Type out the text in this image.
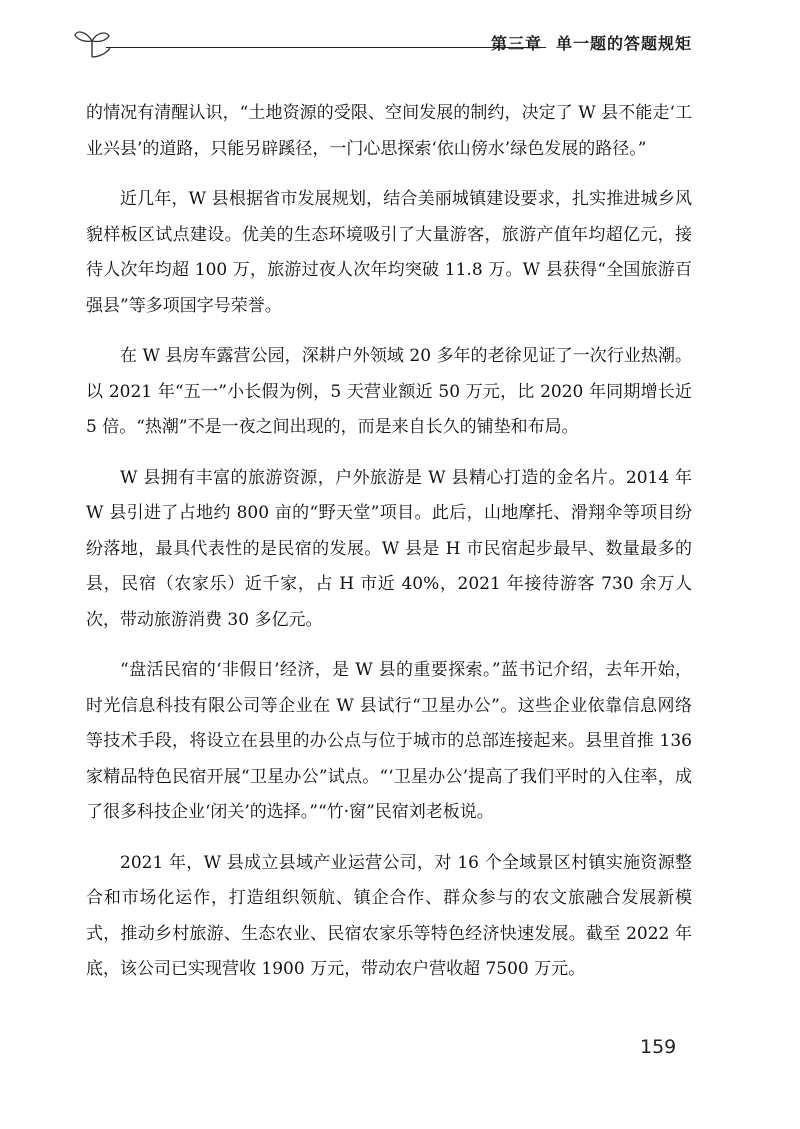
第三章 单一题的答题规矩

的情况有清醒认识，“土地资源的受限、空间发展的制约，决定了 W 县不能走‘工业兴县’的道路，只能另辟蹊径，一门心思探索‘依山傍水’绿色发展的路径。”

近几年，W 县根据省市发展规划，结合美丽城镇建设要求，扎实推进城乡风貌样板区试点建设。优美的生态环境吸引了大量游客，旅游产值年均超亿元，接待人次年均超 100 万，旅游过夜人次年均突破 11.8 万。W 县获得“全国旅游百强县”等多项国字号荣誉。

在 W 县房车露营公园，深耕户外领域 20 多年的老徐见证了一次行业热潮。以 2021 年“五一”小长假为例，5 天营业额近 50 万元，比 2020 年同期增长近 5 倍。“热潮”不是一夜之间出现的，而是来自长久的铺垫和布局。

W 县拥有丰富的旅游资源，户外旅游是 W 县精心打造的金名片。2014 年 W 县引进了占地约 800 亩的“野天堂”项目。此后，山地摩托、滑翔伞等项目纷纷落地，最具代表性的是民宿的发展。W 县是 H 市民宿起步最早、数量最多的县，民宿（农家乐）近千家，占 H 市近 40%，2021 年接待游客 730 余万人次，带动旅游消费 30 多亿元。

“盘活民宿的‘非假日’经济，是 W 县的重要探索。”蓝书记介绍，去年开始，时光信息科技有限公司等企业在 W 县试行“卫星办公”。这些企业依靠信息网络等技术手段，将设立在县里的办公点与位于城市的总部连接起来。县里首推 136 家精品特色民宿开展“卫星办公”试点。“‘卫星办公’提高了我们平时的入住率，成了很多科技企业‘闭关’的选择。”“竹·窗”民宿刘老板说。

2021 年，W 县成立县域产业运营公司，对 16 个全域景区村镇实施资源整合和市场化运作，打造组织领航、镇企合作、群众参与的农文旅融合发展新模式，推动乡村旅游、生态农业、民宿农家乐等特色经济快速发展。截至 2022 年底，该公司已实现营收 1900 万元，带动农户营收超 7500 万元。

159
